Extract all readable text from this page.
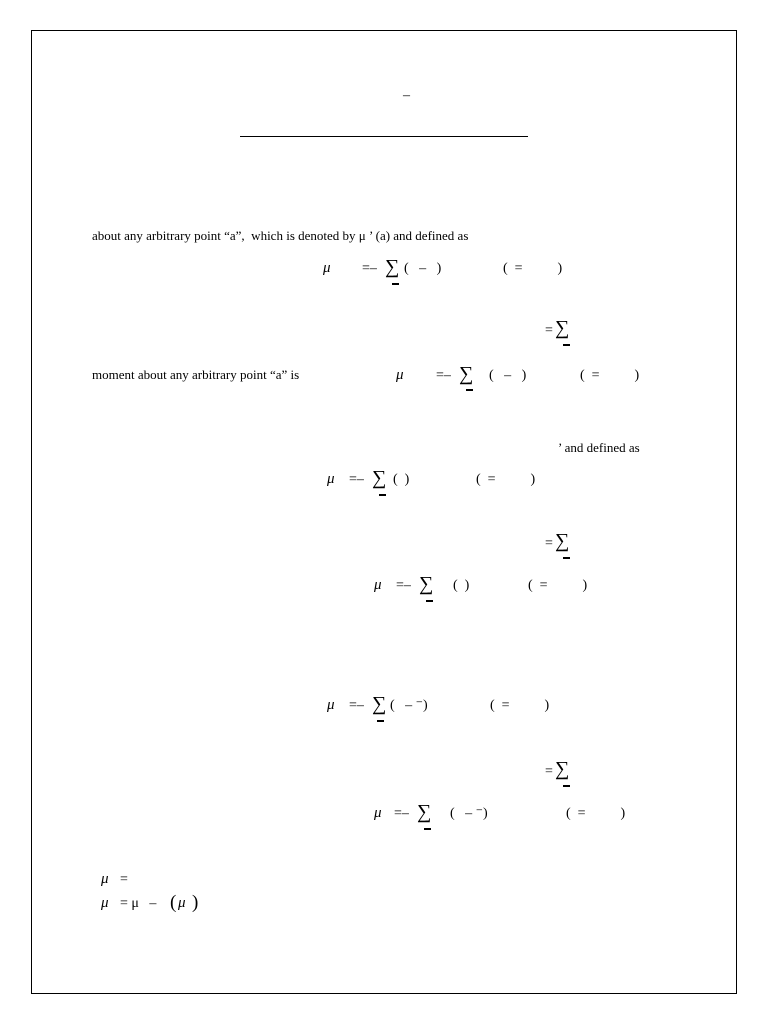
–
about any arbitrary point “a”,  which is denoted by μ ’ (a) and defined as
μ =– ∑ (   –   )	(  =          )
= ∑
moment about any arbitrary point “a” is	μ =– ∑ (   –   )	(  =          )
’ and defined as
μ =– ∑ (  )	(  =          )
= ∑
μ =– ∑ (  )	(  =          )
μ =– ∑ (   – ⁻)	(  =          )
= ∑
μ =– ∑ (   – ⁻)	(  =          )
μ =
μ = μ   – ( μ )
